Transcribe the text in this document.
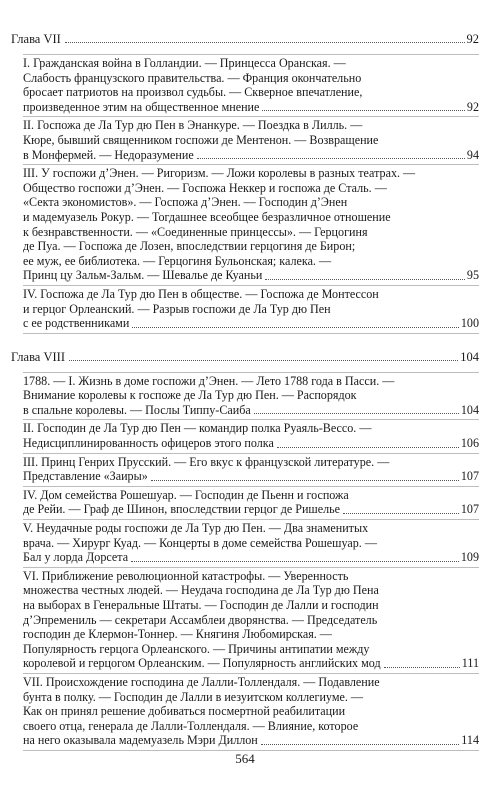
Глава VII	92
I. Гражданская война в Голландии. — Принцесса Оранская. —
Слабость французского правительства. — Франция окончательно
бросает патриотов на произвол судьбы. — Скверное впечатление,
произведенное этим на общественное мнение	92
II. Госпожа де Ла Тур дю Пен в Энанкуре. — Поездка в Лилль. —
Кюре, бывший священником госпожи де Ментенон. — Возвращение
в Монфермей. — Недоразумение	94
III. У госпожи д’Энен. — Ригоризм. — Ложи королевы в разных театрах. —
Общество госпожи д’Энен. — Госпожа Неккер и госпожа де Сталь. —
«Секта экономистов». — Госпожа д’Энен. — Господин д’Энен
и мадемуазель Рокур. — Тогдашнее всеобщее безразличное отношение
к безнравственности. — «Соединенные принцессы». — Герцогиня
де Пуа. — Госпожа де Лозен, впоследствии герцогиня де Бирон;
ее муж, ее библиотека. — Герцогиня Бульонская; калека. —
Принц цу Зальм-Зальм. — Шевалье де Куаньи	95
IV. Госпожа де Ла Тур дю Пен в обществе. — Госпожа де Монтессон
и герцог Орлеанский. — Разрыв госпожи де Ла Тур дю Пен
с ее родственниками	100
Глава VIII	104
1788. — I. Жизнь в доме госпожи д’Энен. — Лето 1788 года в Пасси. —
Внимание королевы к госпоже де Ла Тур дю Пен. — Распорядок
в спальне королевы. — Послы Типпу-Саиба	104
II. Господин де Ла Тур дю Пен — командир полка Руаяль-Вессо. —
Недисциплинированность офицеров этого полка	106
III. Принц Генрих Прусский. — Его вкус к французской литературе. —
Представление «Заиры»	107
IV. Дом семейства Рошешуар. — Господин де Пьенн и госпожа
де Рейи. — Граф де Шинон, впоследствии герцог де Ришелье	107
V. Неудачные роды госпожи де Ла Тур дю Пен. — Два знаменитых
врача. — Хирург Куад. — Концерты в доме семейства Рошешуар. —
Бал у лорда Дорсета	109
VI. Приближение революционной катастрофы. — Уверенность
множества честных людей. — Неудача господина де Ла Тур дю Пена
на выборах в Генеральные Штаты. — Господин де Лалли и господин
д’Эпремениль — секретари Ассамблеи дворянства. — Председатель
господин де Клермон-Тоннер. — Княгиня Любомирская. —
Популярность герцога Орлеанского. — Причины антипатии между
королевой и герцогом Орлеанским. — Популярность английских мод	111
VII. Происхождение господина де Лалли-Толлендаля. — Подавление
бунта в полку. — Господин де Лалли в иезуитском коллегиуме. —
Как он принял решение добиваться посмертной реабилитации
своего отца, генерала де Лалли-Толлендаля. — Влияние, которое
на него оказывала мадемуазель Мэри Диллон	114
564
